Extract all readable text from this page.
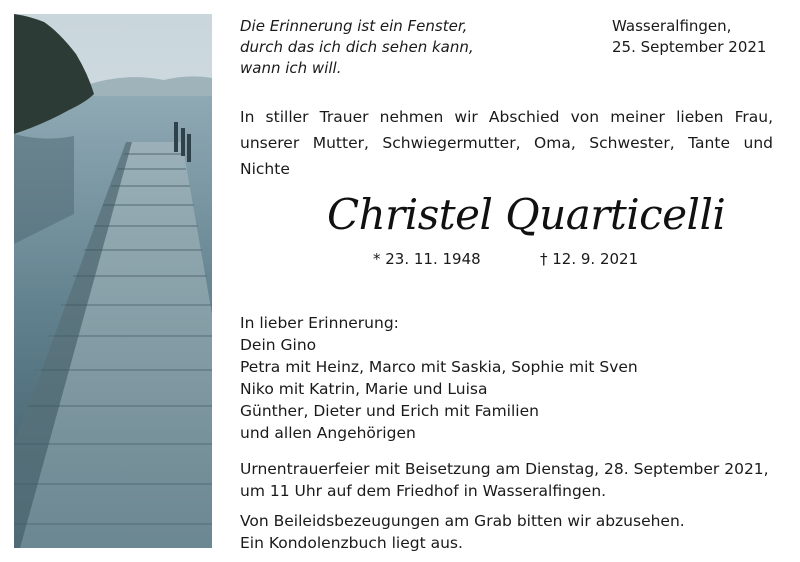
Die Erinnerung ist ein Fenster,
durch das ich dich sehen kann,
wann ich will.
Wasseralfingen,
25. September 2021
In stiller Trauer nehmen wir Abschied von meiner lieben Frau, unserer Mutter, Schwiegermutter, Oma, Schwester, Tante und Nichte
Christel Quarticelli
* 23. 11. 1948	† 12. 9. 2021
In lieber Erinnerung:
Dein Gino
Petra mit Heinz, Marco mit Saskia, Sophie mit Sven
Niko mit Katrin, Marie und Luisa
Günther, Dieter und Erich mit Familien
und allen Angehörigen
Urnentrauerfeier mit Beisetzung am Dienstag, 28. September 2021,
um 11 Uhr auf dem Friedhof in Wasseralfingen.
Von Beileidsbezeugungen am Grab bitten wir abzusehen.
Ein Kondolenzbuch liegt aus.
